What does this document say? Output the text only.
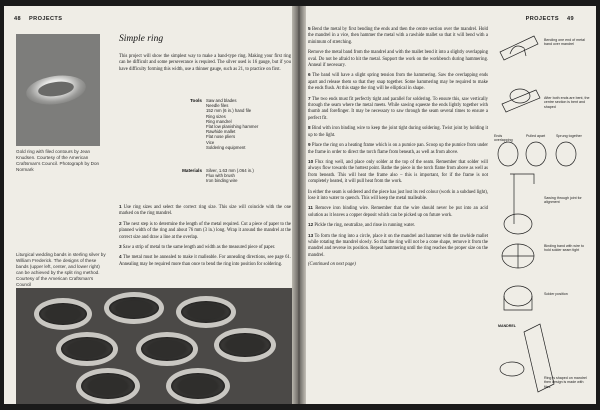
48 PROJECTS
Gold ring with filed contours by Jean Knudsen. Courtesy of the American Craftsman's Council. Photograph by Don Normark
Liturgical wedding bands in sterling silver by William Frederick. The designs of these bands (upper left, center, and lower right) can be achieved by the split ring method. Courtesy of the American Craftsman's Council
Simple ring
This project will show the simplest way to make a band-type ring. Making your first ring can be difficult and some perseverance is required. The silver used is 16 gauge, but if you have difficulty forming this width, use a thinner gauge, such as 21, to practice on first.
Tools Saw and blades
Needle files
152 mm (6 in.) hand file
Ring sizes
Ring mandrel
Flat low planishing hammer
Rawhide mallet
Flat nose pliers
Vice
Soldering equipment
Materials Silver, 1.63 mm (.064 in.)
Flux with brush
Iron binding wire
1 Use ring sizes and select the correct ring size. This size will coincide with the one marked on the ring mandrel.
2 The next step is to determine the length of the metal required. Cut a piece of paper to the planned width of the ring and about 76 mm (3 in.) long. Wrap it around the mandrel at the correct size and draw a line at the overlap.
3 Saw a strip of metal to the same length and width as the measured piece of paper.
4 The metal must be annealed to make it malleable. For annealing directions, see page 61. Annealing may be required more than once to bend the ring into position for soldering.
PROJECTS 49
5 Bend the metal by first bending the ends and then the centre section over the mandrel. Hold the mandrel in a vice, then hammer the metal with a rawhide mallet so that it will bend with a minimum of stretching.
Remove the metal band from the mandrel and with the mallet bend it into a slightly overlapping oval. Do not be afraid to hit the metal. Support the work on the workbench during hammering. Anneal if necessary.
6 The band will have a slight spring tension from the hammering. Saw the overlapping ends apart and release them so that they snap together. Some hammering may be required to make the ends flush. At this stage the ring will be elliptical in shape.
7 The two ends must fit perfectly tight and parallel for soldering. To ensure this, saw vertically through the seam where the metal meets. While sawing squeeze the ends lightly together with thumb and forefinger. It may be necessary to saw through the seam several times to ensure a perfect fit.
8 Bind with iron binding wire to keep the joint tight during soldering. Twist joint by holding it up to the light.
9 Place the ring on a heating frame which is on a pumice pan. Scoop up the pumice from under the frame in order to direct the torch flame from beneath, as well as from above.
10 Flux ring well, and place only solder at the top of the seam. Remember that solder will always flow towards the hottest point. Bathe the piece in the torch flame from above as well as from beneath. This will heat the frame also – this is important, for if the frame is not completely heated, it will pull heat from the work.
In either the seam is soldered and the piece has just lost its red colour (work in a subdued light), lose it into water to quench. This will keep the metal malleable.
11 Remove iron binding wire. Remember that the wire should never be put into an acid solution as it leaves a copper deposit which can be picked up on future work.
12 Pickle the ring, neutralize, and rinse in running water.
13 To form the ring into a circle, place it on the mandrel and hammer with the rawhide mallet while rotating the mandrel slowly. So that the ring will not be a cone shape, remove it from the mandrel and reverse its position. Repeat hammering until the ring reaches the proper size on the mandrel.
(Continued on next page)
Bending one end of metal band over mandrel
After both ends are bent, the centre section is bent and shaped
Ends overlapping
Pulled apart	Sprung together
Sawing through joint for alignment
Binding band with wire to hold solder seam tight
Solder position
MANDREL
Ring is shaped on mandrel then design is made with files
